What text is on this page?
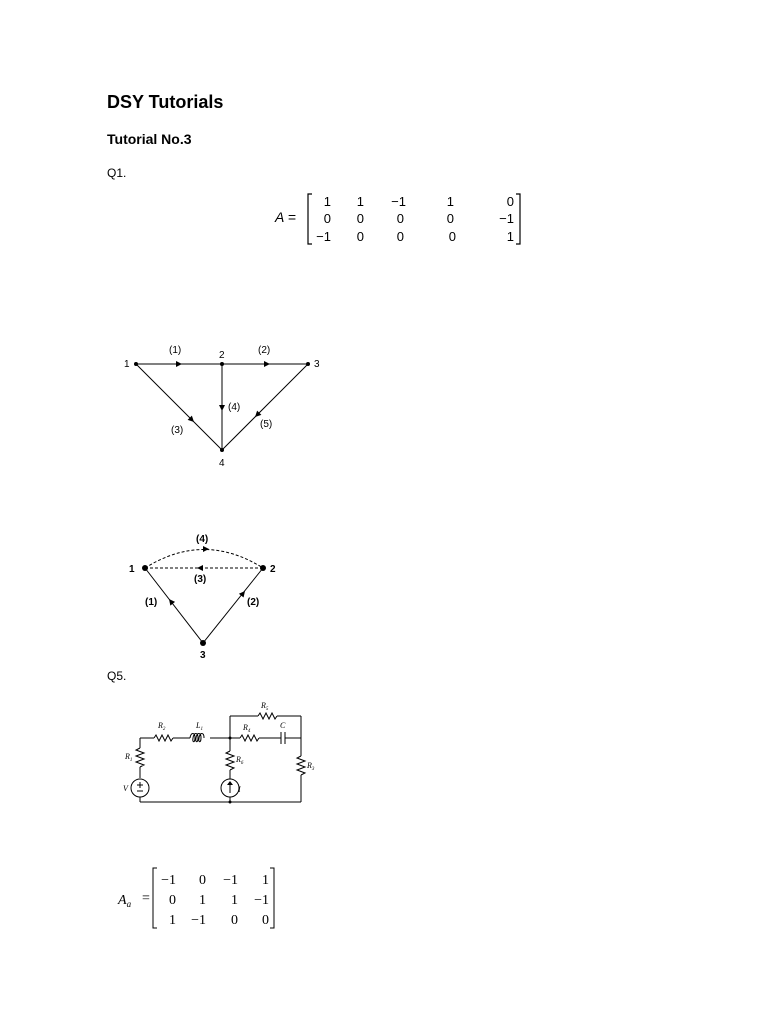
DSY Tutorials
Tutorial No.3
Q1.
A =
1 1 −1	1	0
0 0	0	0	−1
−1 0	0	0	1
1
2
3
4
(1)	(2)
(3)
(4)
(5)
1	2
3
(4)
(3)
(1)	(2)
Q5.
$R_1$
$R_2$	$L_1$
$R_5$
$R_4$
C
$R_6$	$R_3$
V	I
$A_a$ =
−1 0 −1 1
0 1 1 −1
1 −1 0 0
